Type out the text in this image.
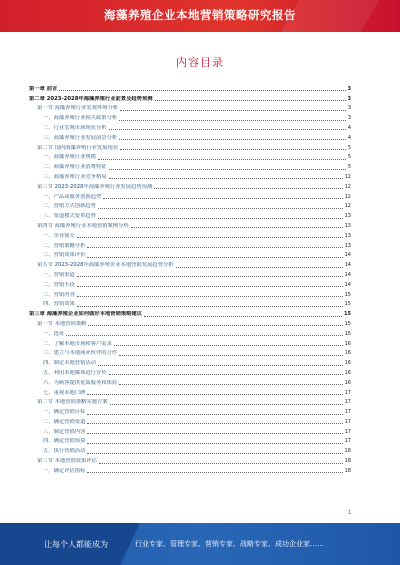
海藻养殖企业本地营销策略研究报告
内容目录
第一章 前言	3
第二章 2023-2028年海藻养殖行业前景及趋势预测	3
第一节 海藻养殖行业宏观环境分析	3
一、海藻养殖行业相关政策分析	3
二、行业宏观市场现状分析	4
三、海藻养殖行业发展前景分析	4
第二节 国内海藻养殖行业发展现状	5
一、海藻养殖行业规模	5
二、海藻养殖行业消费特征	5
三、海藻养殖行业竞争格局	12
第三节 2023-2028年海藻养殖行业发展趋势预测	12
一、产品或服务创新趋势	12
二、营销方式创新趋势	12
三、渠道模式变革趋势	13
第四节 海藻养殖行业本地营销案例分析	13
一、企业简介	13
二、营销策略分析	13
三、营销效果评价	14
第五节 2023-2028年海藻养殖企业本地营销发展趋势分析	14
一、营销渠道	14
二、营销手段	14
三、营销内容	15
四、营销效果	15
第三章 海藻养殖企业如何做好本地营销策略建议	15
第一节 本地营销策略	15
一、选址	15
二、了解本地市场和客户需求	16
三、建立与本地商业伙伴的合作	16
四、制定本地营销活动	16
五、利用本地媒体进行宣传	16
六、为顾客提供优质服务和体验	16
七、重视本地口碑	17
第二节 本地营销策略实施方案	17
一、确定营销目标	17
二、确定营销渠道	17
三、制定营销内容	17
四、确定营销预算	17
五、执行营销活动	18
第三节 本地营销效果评估	18
一、确定评估指标	18
1
让每个人都能成为	行业专家、管理专家、营销专家、战略专家、成功企业家……
